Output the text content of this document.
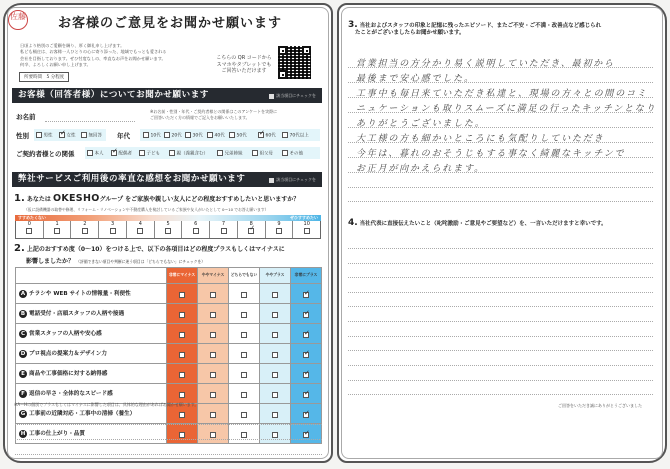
佐藤 お客様のご意見をお聞かせ願います
日頃より格別のご愛顧を賜り、厚く御礼申し上げます。
私ども桶庄は、お客様一人ひとりの心に寄り添った、地域でもっとも愛される
会社を目指しております。ぜひ忖度なしの、率直なお声をお聞かせ願います。
何卒、よろしくお願い申し上げます。
所要時間　5 分程度
こちらの QR コードから
スマホやタブレットでも
ご回答いただけます
お客様（回答者様）についてお聞かせ願います	該当項目にチェックを
お名前
※お名前・性別・年代・ご契約者様との関係はこのアンケートを実際に
ご回答いただく方の情報でご記入をお願いいたします。
性別	男性 ✓	女性	無回答 年代	10代	20代	30代	40代	50代 ✓	60代	70代以上
ご契約者様との関係	本人 ✓	配偶者	子ども	親（義親含む）	兄弟姉妹	祖父母	その他
弊社サービスご利用後の率直な感想をお聞かせ願います	該当項目にチェックを
1. あなたは OKESHOグループ をご家族や親しい友人にどの程度おすすめしたいと思いますか？
（仮に設備機器の取替や修理、リフォーム・リノベーションや不動産購入を検討しているご家族や友人がいたとして 0〜10 でお答え願います）
すすめたくない	ぜひすすめたい
0	1	2	3	4	5	6	7 ✓	9	10
2. 上記のおすすめ度（0〜10）をつける上で、以下の各項目はどの程度プラスもしくはマイナスに
影響しましたか？ （評価できない項目や判断に迷う項目は「どちらでもない」にチェックを）
	非常にマイナス	ややマイナス	どちらでもない	ややプラス	非常にプラス
A チラシや WEB サイトの情報量・利便性					✓
B 電話受付・店頭スタッフの人柄や接遇					✓
C 営業スタッフの人柄や安心感					✓
D プロ視点の提案力＆デザイン力					✓
E 商品や工事価格に対する納得感					✓
F 返信の早さ・全体的なスピード感					✓
G 工事前の近隣対応・工事中の清掃（養生）					✓
H 工事の仕上がり・品質					✓
※A〜Hの個別でプラスもしくはマイナスに影響した項目は、具体的な理由があればお聞かせ願います。
3. 当社およびスタッフの印象と記憶に残ったエピソード、またご不安・ご不満・改善点など感じられ
たことがございましたらお聞かせ願います。
営業担当の方分かり易く説明していただき、最初から
最後まで安心感でした。
工事中も毎日来ていただき私達と、現場の方々との間のコミ
ニュケーションも取りスムーズに満足の行ったキッチンとなり
ありがとうございました。
大工様の方も細かいところにも気配りしていただき
今年は、暮れのおそうじもする事なく綺麗なキッチンで
お正月が向かえられます。
4. 当社代表に直接伝えたいこと（叱咤激励・ご意見やご要望など）を、一言いただけますと幸いです。
ご回答をいただき誠にありがとうございました
